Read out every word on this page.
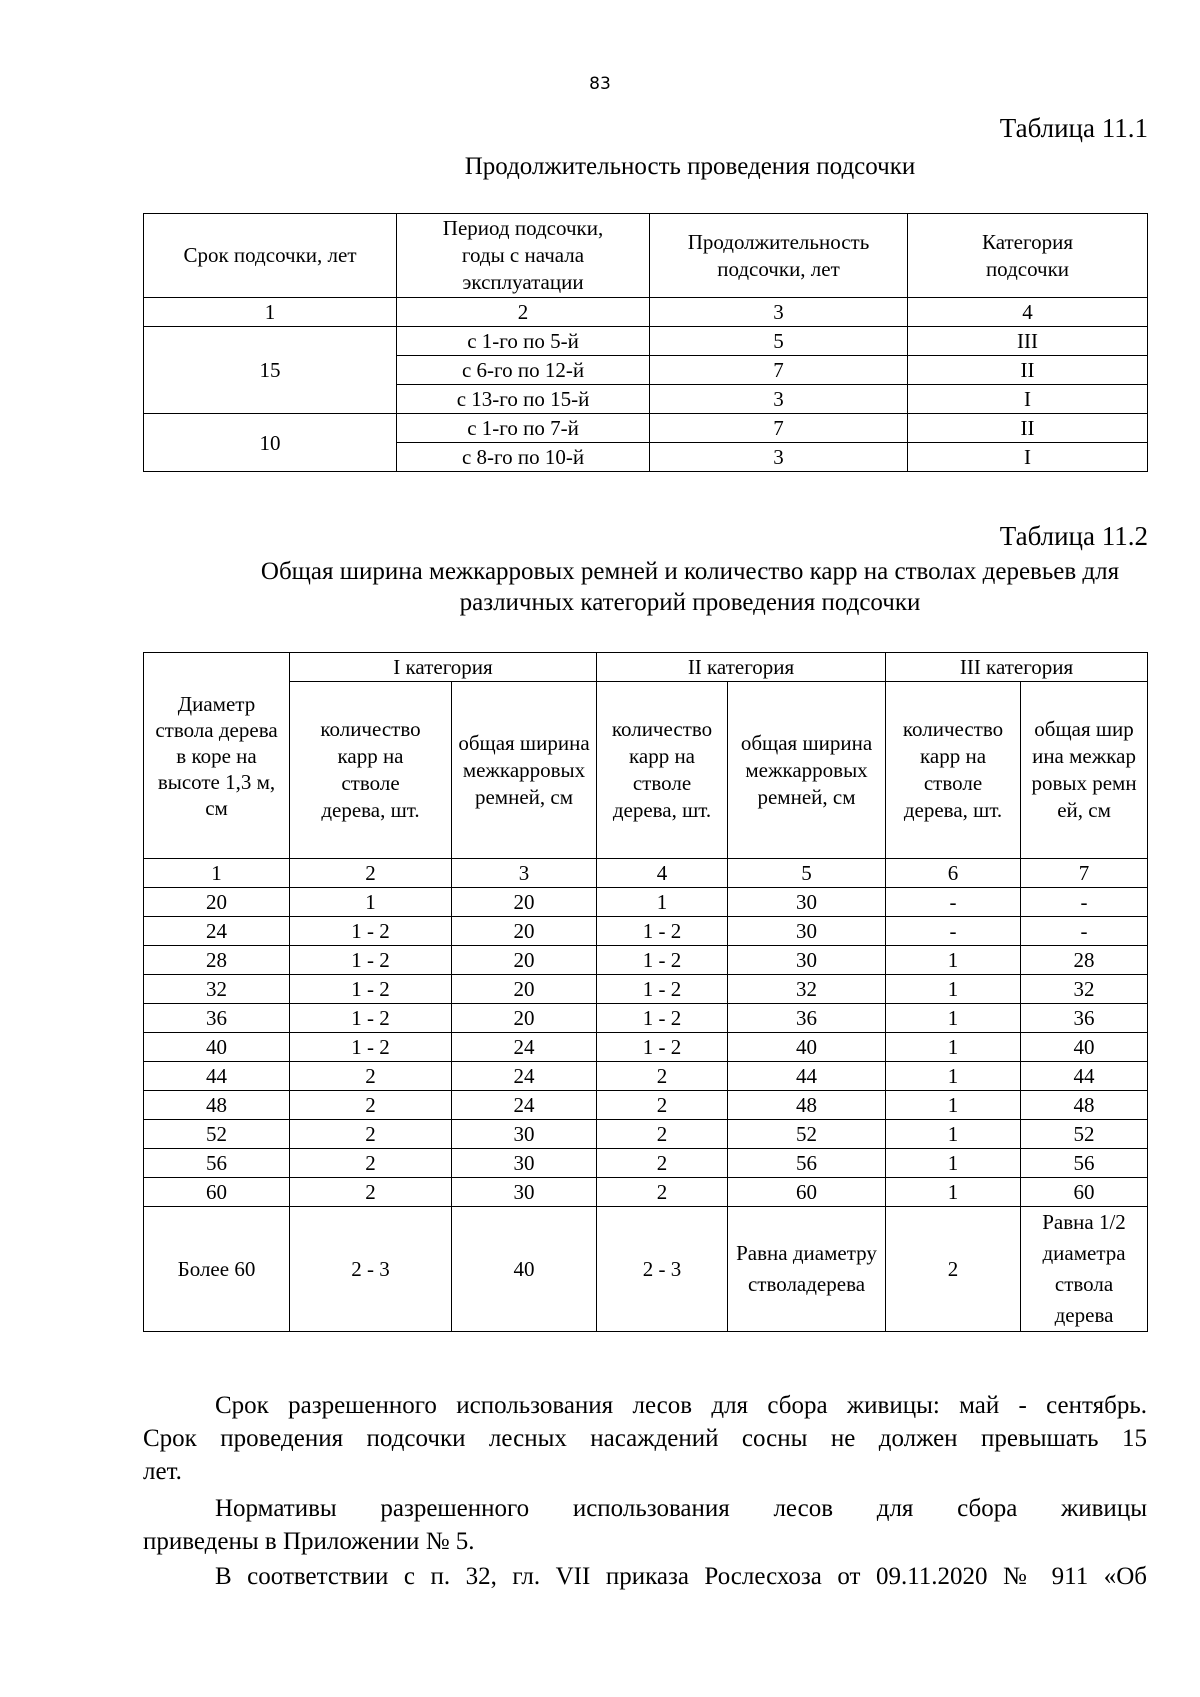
83
Таблица 11.1
Продолжительность проведения подсочки
Срок подсочки, лет	Период подсочки, годы с начала эксплуатации	Продолжительность подсочки, лет	Категория подсочки
1	2	3	4
15	с 1-го по 5-й	5	III
	с 6-го по 12-й	7	II
	с 13-го по 15-й	3	I
10	с 1-го по 7-й	7	II
	с 8-го по 10-й	3	I
Таблица 11.2
Общая ширина межкарровых ремней и количество карр на стволах деревьев для различных категорий проведения подсочки
Диаметр ствола дерева в коре на высоте 1,3 м, см	I категория		II категория		III категория	
	количество карр на стволе дерева, шт.	общая ширина межкарровых ремней, см	количество карр на стволе дерева, шт.	общая ширина межкарровых ремней, см	количество карр на стволе дерева, шт.	общая ширина межкарровых ремней, см
1	2	3	4	5	6	7
20	1	20	1	30	-	-
24	1 - 2	20	1 - 2	30	-	-
28	1 - 2	20	1 - 2	30	1	28
32	1 - 2	20	1 - 2	32	1	32
36	1 - 2	20	1 - 2	36	1	36
40	1 - 2	24	1 - 2	40	1	40
44	2	24	2	44	1	44
48	2	24	2	48	1	48
52	2	30	2	52	1	52
56	2	30	2	56	1	56
60	2	30	2	60	1	60
Более 60	2 - 3	40	2 - 3	Равна диаметру стволадерева	2	Равна 1/2 диаметра ствола дерева
Срок разрешенного использования лесов для сбора живицы: май - сентябрь.
Срок проведения подсочки лесных насаждений сосны не должен превышать 15
лет.
Нормативы разрешенного использования лесов для сбора живицы
приведены в Приложении № 5.
В соответствии с п. 32, гл. VII приказа Рослесхоза от 09.11.2020 № 911 «Об
